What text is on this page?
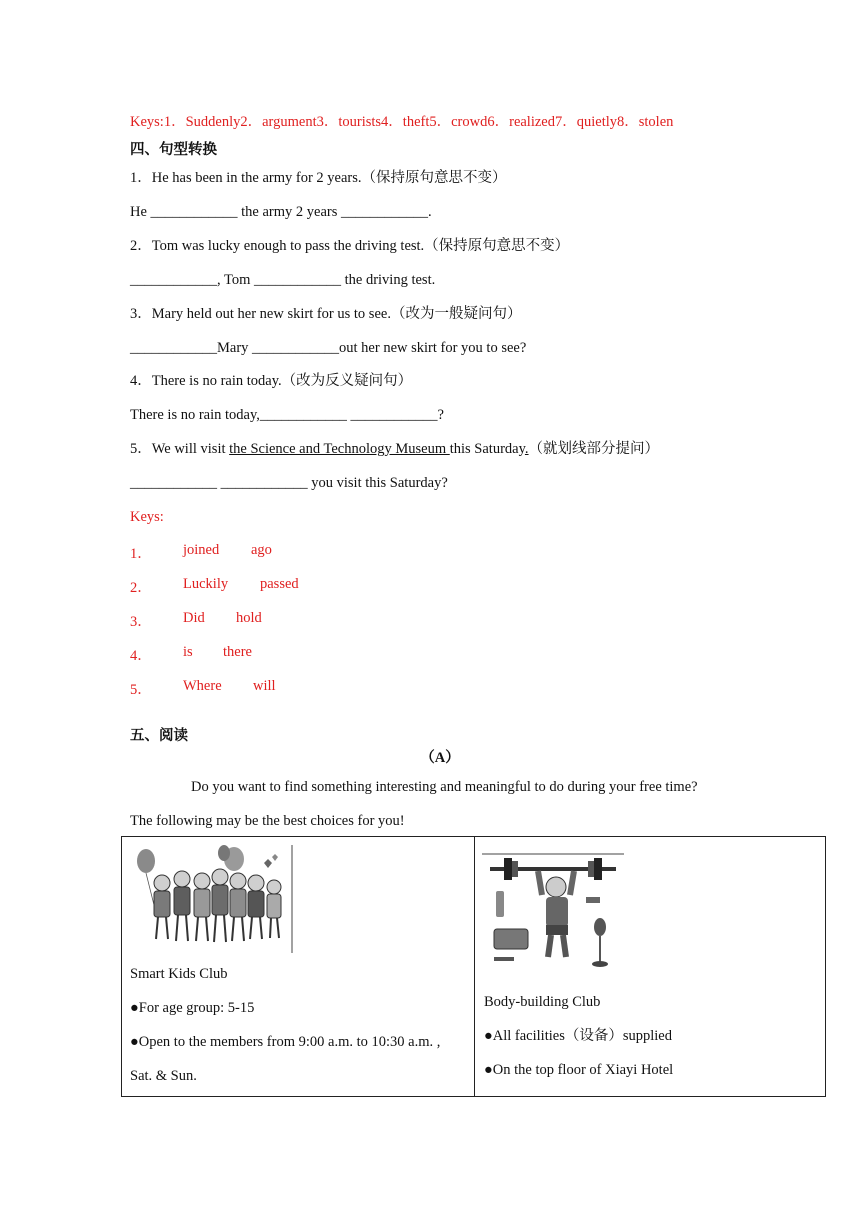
Keys:1．Suddenly2．argument3．tourists4．theft5．crowd6．realized7．quietly8．stolen
四、句型转换
1．He has been in the army for 2 years.（保持原句意思不变）
He ____________ the army 2 years ____________.
2．Tom was lucky enough to pass the driving test.（保持原句意思不变）
____________, Tom ____________ the driving test.
3．Mary held out her new skirt for us to see.（改为一般疑问句）
____________Mary ____________out her new skirt for you to see?
4．There is no rain today.（改为反义疑问句）
There is no rain today,____________ ____________?
5．We will visit the Science and Technology Museum this Saturday.（就划线部分提问）
____________ ____________ you visit this Saturday?
Keys:
1． joined ago
2． Luckily passed
3． Did hold
4． is there
5． Where will
五、阅读
（A）
Do you want to find something interesting and meaningful to do during your free time?
The following may be the best choices for you!
Smart Kids Club
●For age group: 5-15
●Open to the members from 9:00 a.m. to 10:30 a.m. ,
Sat. & Sun.

Body-building Club
●All facilities（设备）supplied
●On the top floor of Xiayi Hotel
